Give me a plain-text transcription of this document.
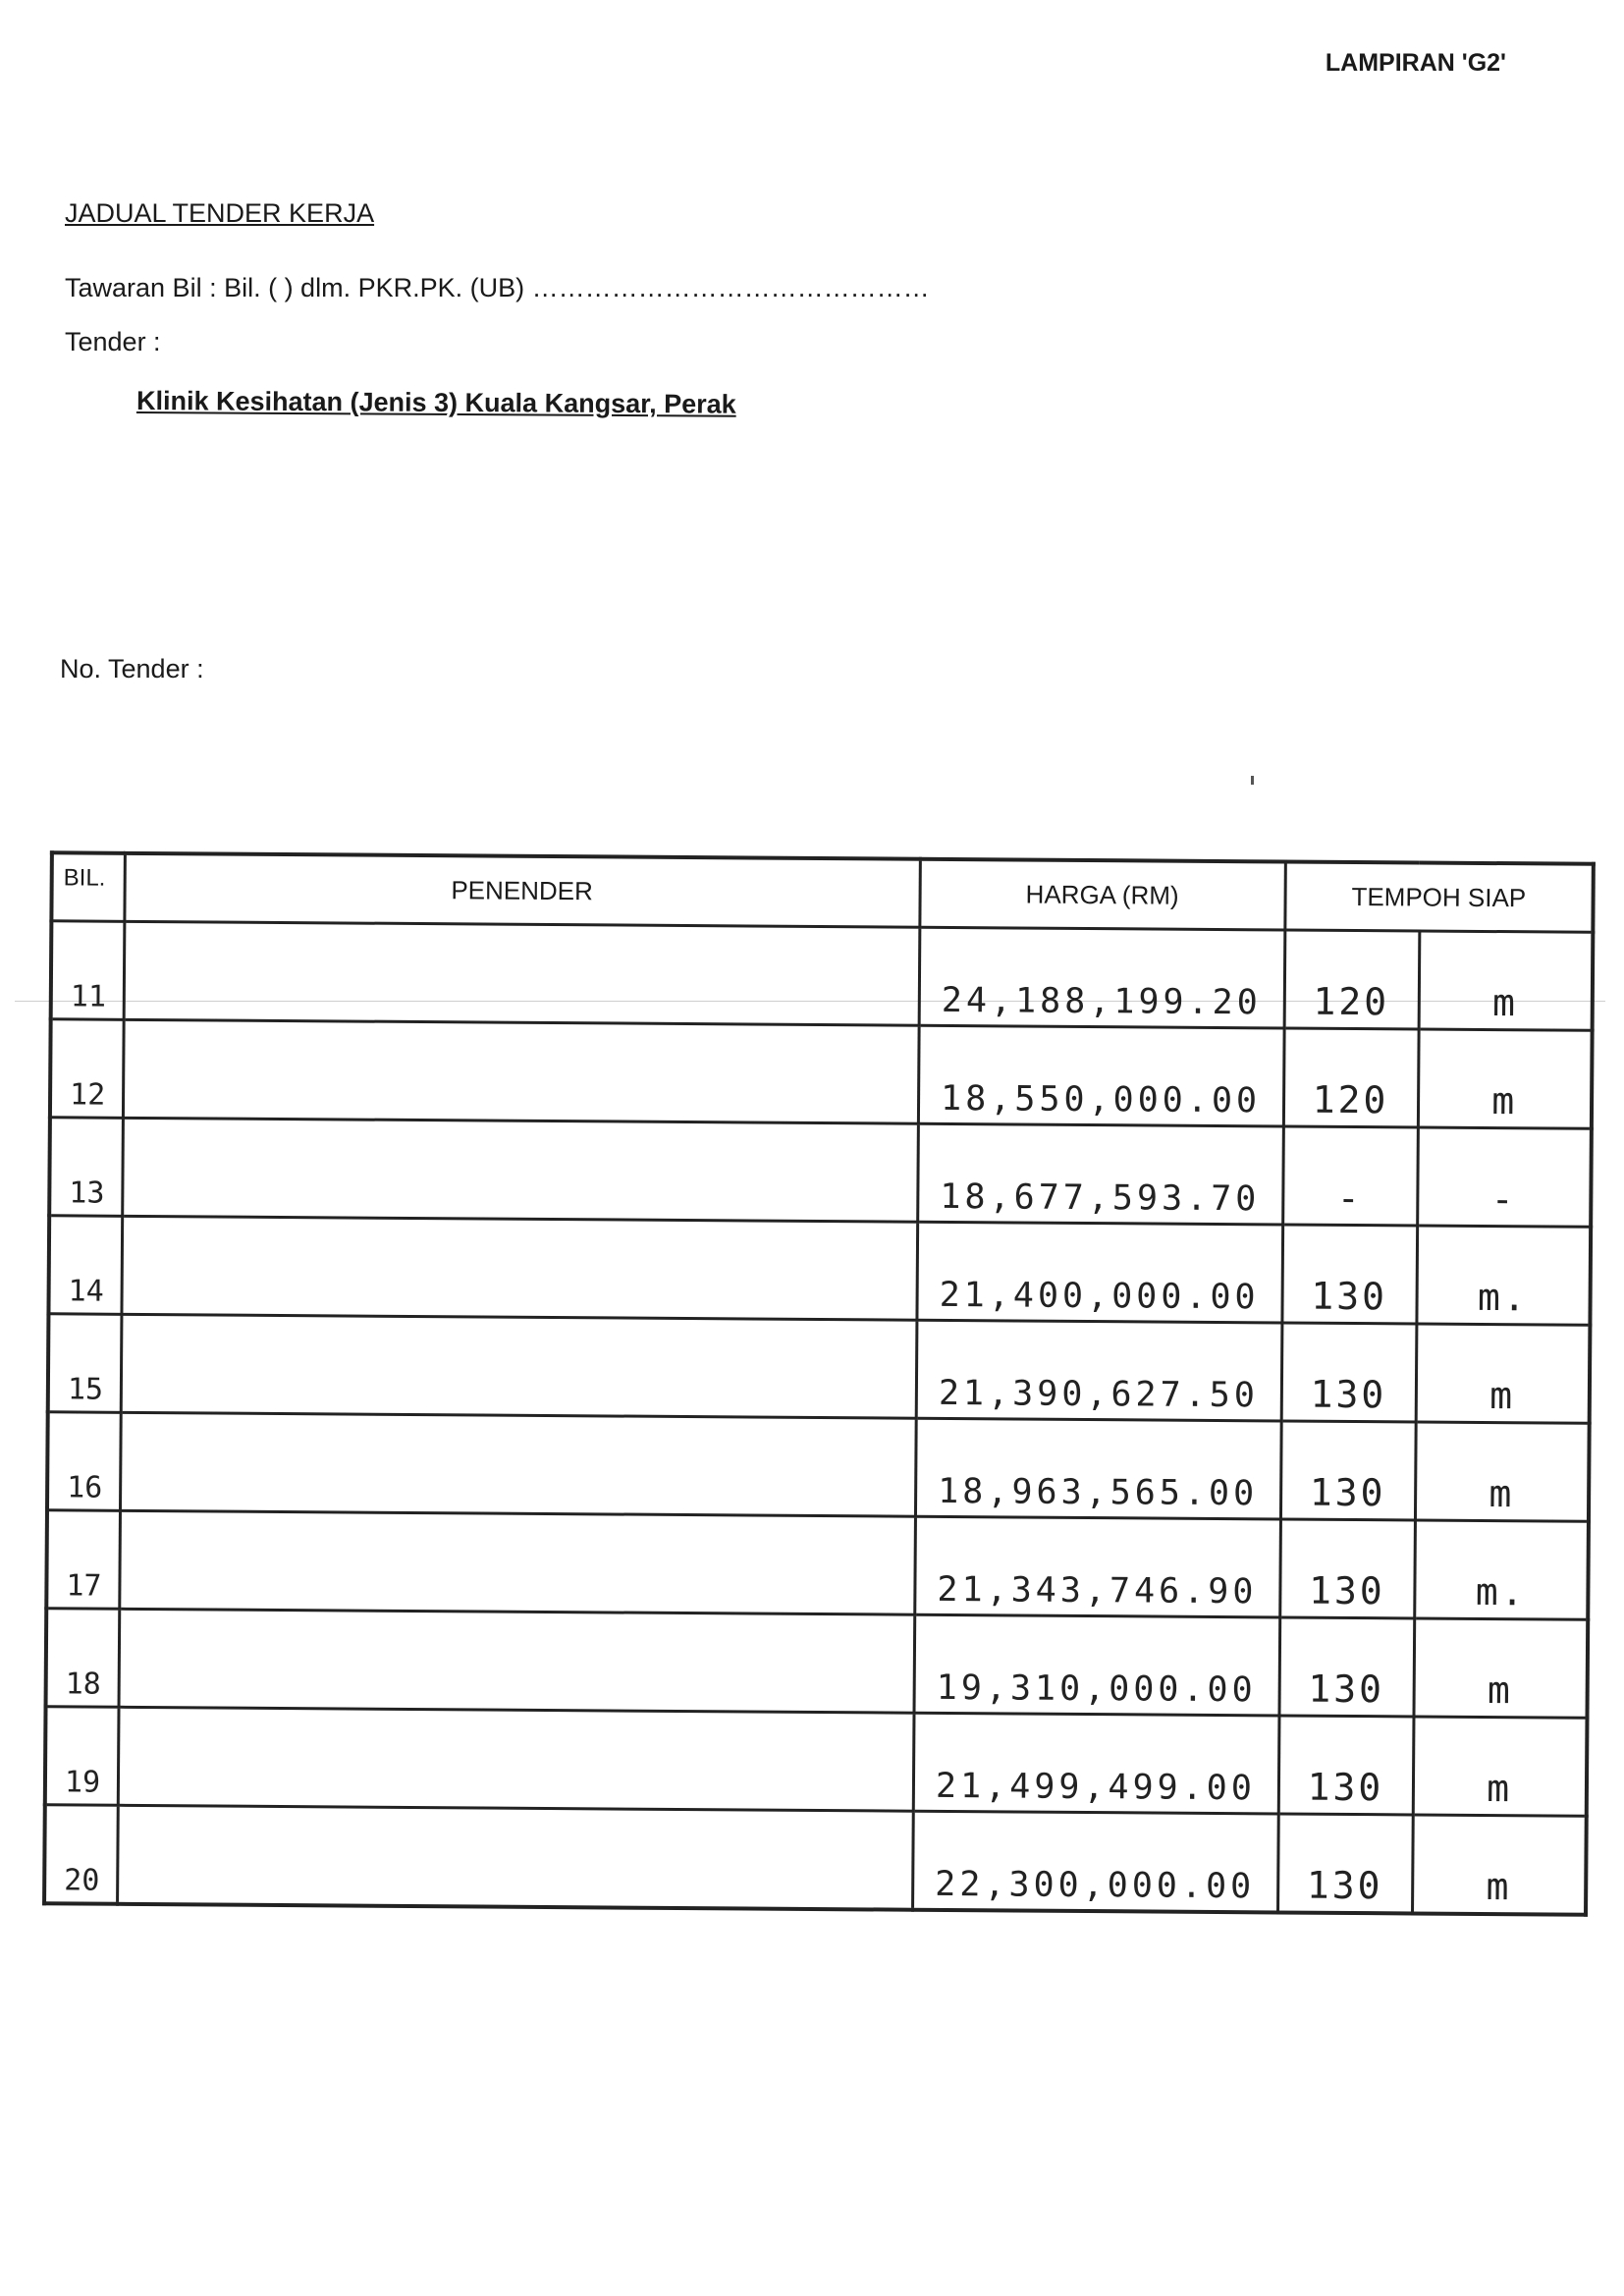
LAMPIRAN 'G2'
JADUAL TENDER KERJA
Tawaran Bil : Bil. ( ) dlm. PKR.PK. (UB) ………………………………………
Tender :
Klinik Kesihatan (Jenis 3) Kuala Kangsar, Perak
No. Tender :
BIL.	PENENDER	HARGA (RM)	TEMPOH SIAP	

11		24,188,199.20	120	m

12		18,550,000.00	120	m

13		18,677,593.70	-	-

14		21,400,000.00	130	m.

15		21,390,627.50	130	m

16		18,963,565.00	130	m

17		21,343,746.90	130	m.

18		19,310,000.00	130	m

19		21,499,499.00	130	m

20		22,300,000.00	130	m
